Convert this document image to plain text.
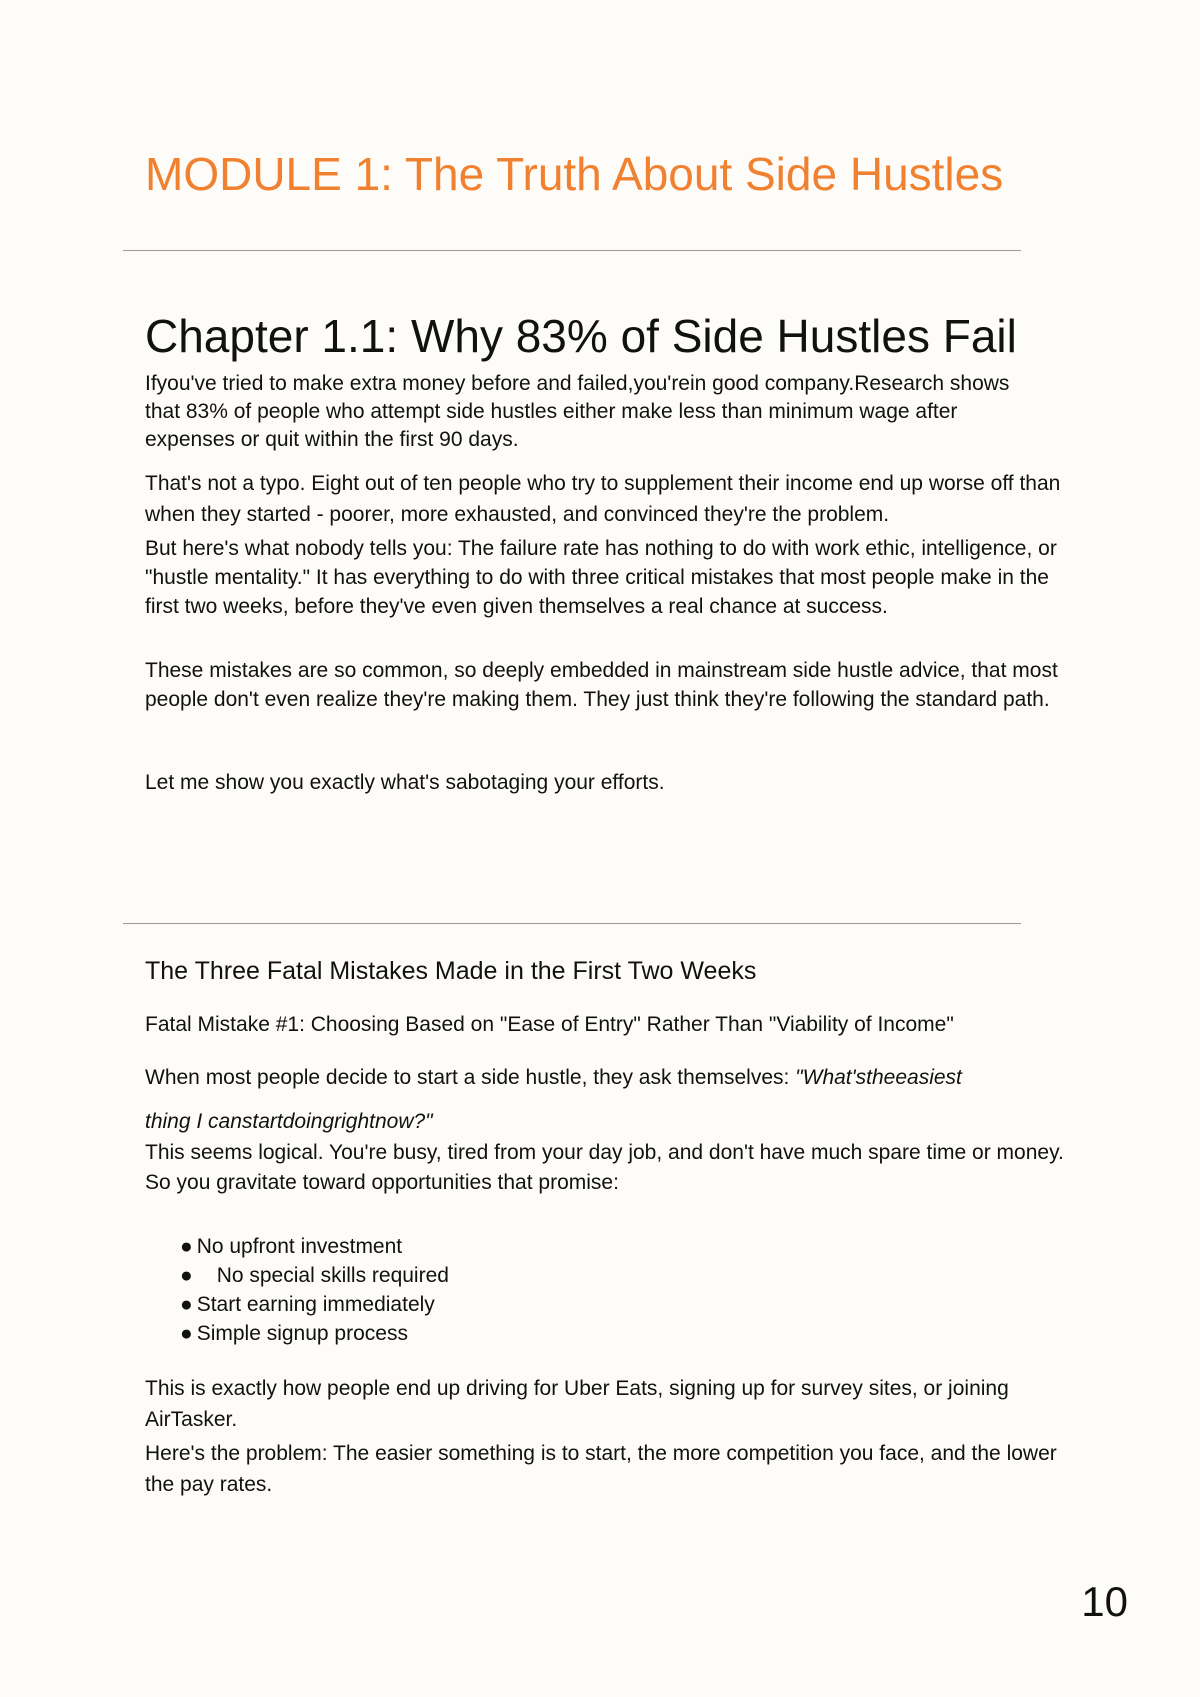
MODULE 1: The Truth About Side Hustles
Chapter 1.1: Why 83% of Side Hustles Fail

Ifyou've tried to make extra money before and failed,you'rein good company.Research shows that 83% of people who attempt side hustles either make less than minimum wage after expenses or quit within the first 90 days.

That's not a typo. Eight out of ten people who try to supplement their income end up worse off than when they started - poorer, more exhausted, and convinced they're the problem.

But here's what nobody tells you: The failure rate has nothing to do with work ethic, intelligence, or "hustle mentality." It has everything to do with three critical mistakes that most people make in the first two weeks, before they've even given themselves a real chance at success.

These mistakes are so common, so deeply embedded in mainstream side hustle advice, that most people don't even realize they're making them. They just think they're following the standard path.

Let me show you exactly what's sabotaging your efforts.

The Three Fatal Mistakes Made in the First Two Weeks
Fatal Mistake #1: Choosing Based on "Ease of Entry" Rather Than "Viability of Income"
When most people decide to start a side hustle, they ask themselves: "What'stheeasiest
thing I canstartdoingrightnow?"

This seems logical. You're busy, tired from your day job, and don't have much spare time or money. So you gravitate toward opportunities that promise:

● No upfront investment
● No special skills required
● Start earning immediately
● Simple signup process

This is exactly how people end up driving for Uber Eats, signing up for survey sites, or joining AirTasker.

Here's the problem: The easier something is to start, the more competition you face, and the lower the pay rates.

10
